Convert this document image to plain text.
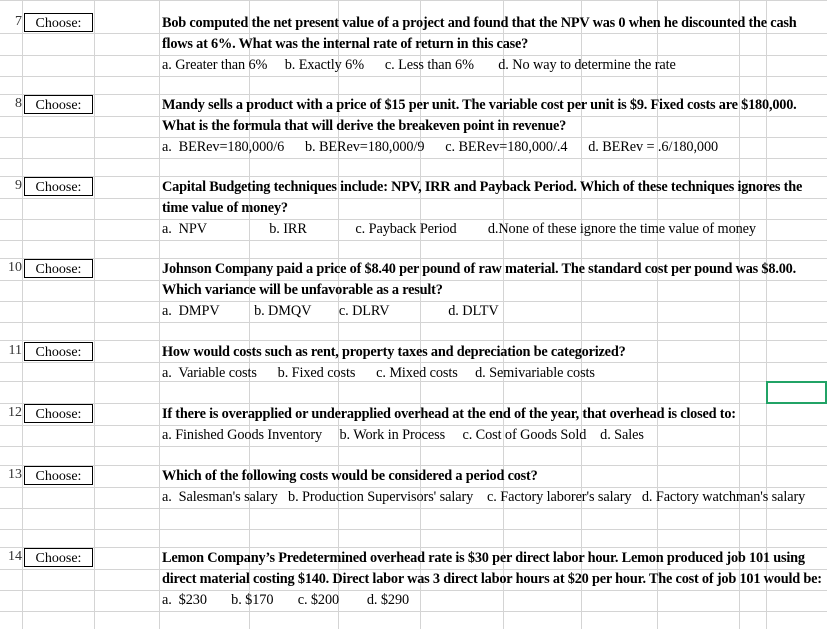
7 Choose:	Bob computed the net present value of a project and found that the NPV was 0 when he discounted the cash flows at 6%. What was the internal rate of return in this case?
a. Greater than 6%     b. Exactly 6%      c. Less than 6%       d. No way to determine the rate
8 Choose:	Mandy sells a product with a price of $15 per unit. The variable cost per unit is $9. Fixed costs are $180,000. What is the formula that will derive the breakeven point in revenue?
a.  BERev=180,000/6      b. BERev=180,000/9      c. BERev=180,000/.4      d. BERev = .6/180,000
9 Choose:	Capital Budgeting techniques include: NPV, IRR and Payback Period. Which of these techniques ignores the time value of money?
a.  NPV                  b. IRR              c. Payback Period         d.None of these ignore the time value of money
10 Choose:	Johnson Company paid a price of $8.40 per pound of raw material. The standard cost per pound was $8.00. Which variance will be unfavorable as a result?
a.  DMPV          b. DMQV        c. DLRV                 d. DLTV
11 Choose:	How would costs such as rent, property taxes and depreciation be categorized?
a.  Variable costs      b. Fixed costs      c. Mixed costs     d. Semivariable costs
12 Choose:	If there is overapplied or underapplied overhead at the end of the year, that overhead is closed to:
a. Finished Goods Inventory     b. Work in Process     c. Cost of Goods Sold    d. Sales
13 Choose:	Which of the following costs would be considered a period cost?
a.  Salesman's salary   b. Production Supervisors' salary    c. Factory laborer's salary   d. Factory watchman's salary
14 Choose:	Lemon Company’s Predetermined overhead rate is $30 per direct labor hour. Lemon produced job 101 using direct material costing $140. Direct labor was 3 direct labor hours at $20 per hour. The cost of job 101 would be:
a.  $230       b. $170       c. $200        d. $290
